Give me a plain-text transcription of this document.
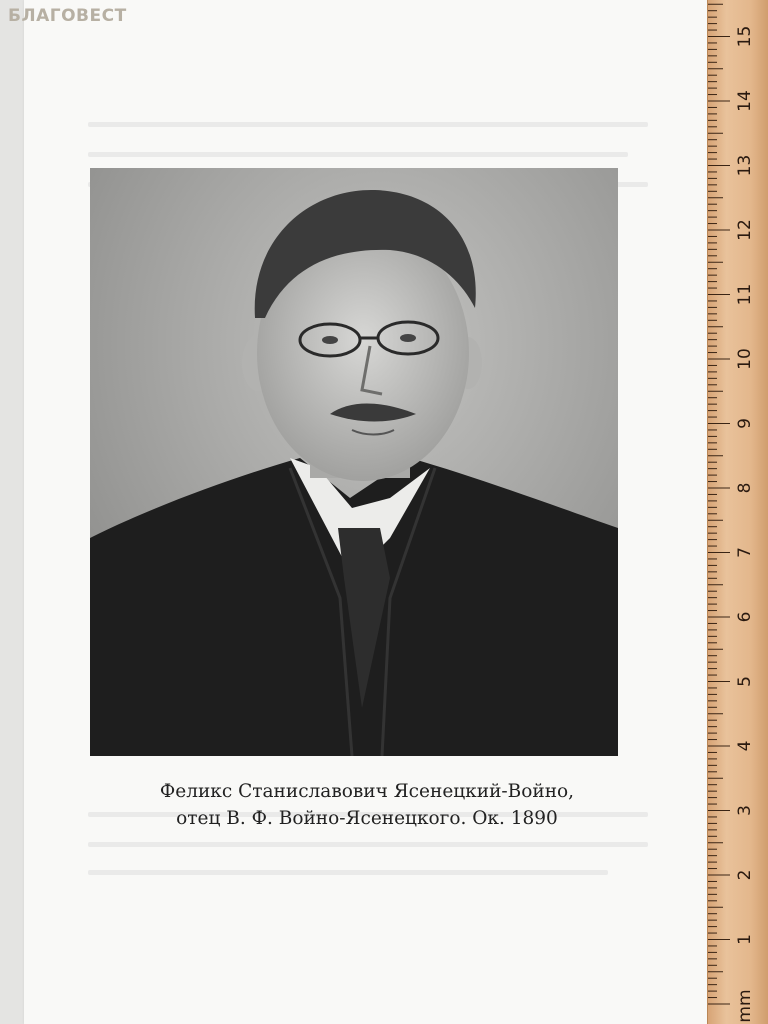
БЛАГОВЕСТ
Феликс Станиславович Ясенецкий-Войно,
отец В. Ф. Войно-Ясенецкого. Ок. 1890
1
2
3
4
5
6
7
8
9
10
11
12
13
14
15
mm
